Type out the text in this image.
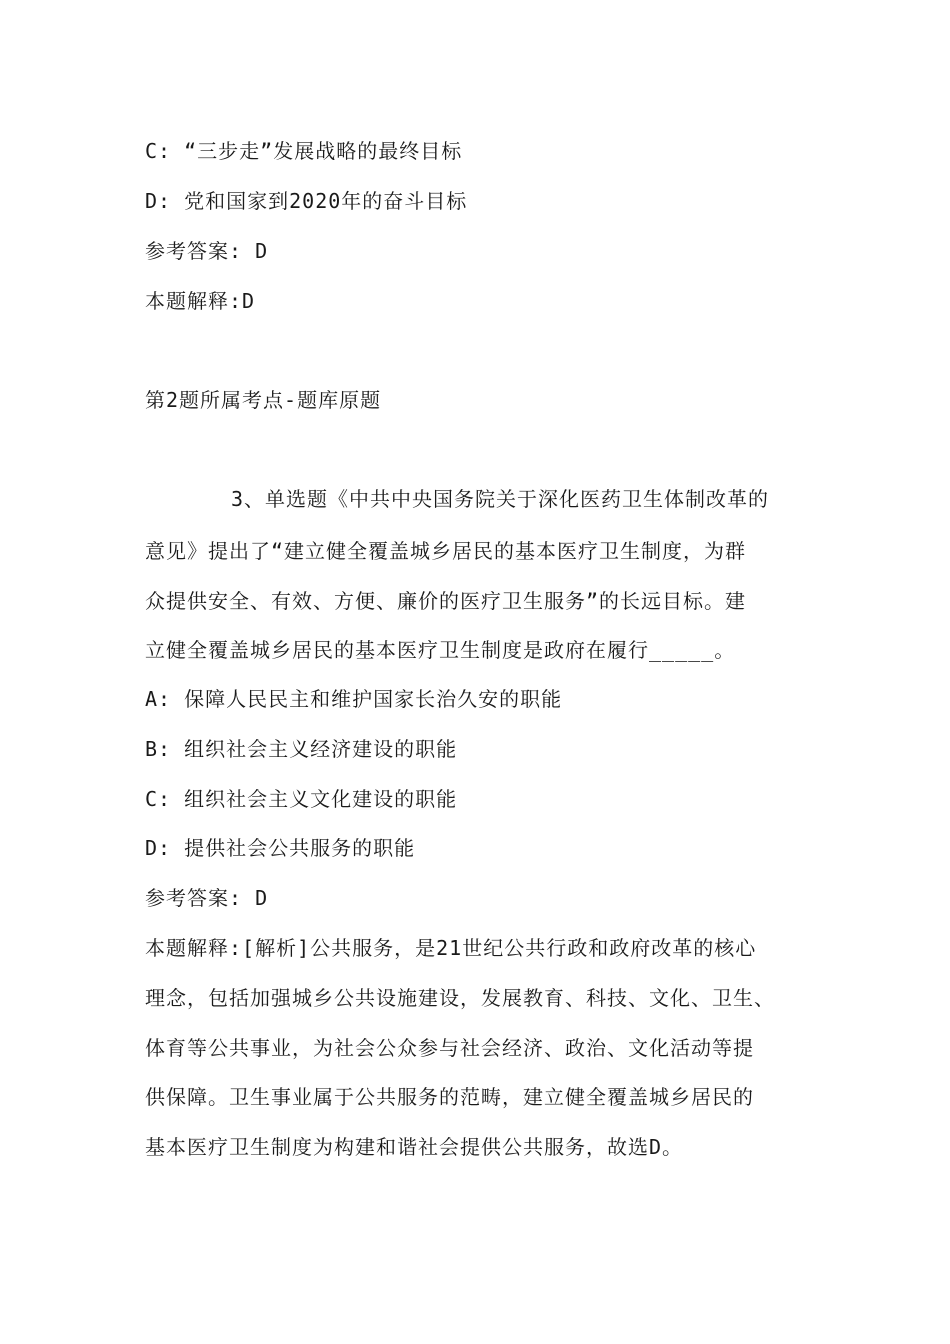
C: “三步走”发展战略的最终目标
D: 党和国家到2020年的奋斗目标
参考答案: D
本题解释:D
第2题所属考点-题库原题
3、单选题《中共中央国务院关于深化医药卫生体制改革的
意见》提出了“建立健全覆盖城乡居民的基本医疗卫生制度，为群
众提供安全、有效、方便、廉价的医疗卫生服务”的长远目标。建
立健全覆盖城乡居民的基本医疗卫生制度是政府在履行_____。
A: 保障人民民主和维护国家长治久安的职能
B: 组织社会主义经济建设的职能
C: 组织社会主义文化建设的职能
D: 提供社会公共服务的职能
参考答案: D
本题解释:[解析]公共服务，是21世纪公共行政和政府改革的核心
理念，包括加强城乡公共设施建设，发展教育、科技、文化、卫生、
体育等公共事业，为社会公众参与社会经济、政治、文化活动等提
供保障。卫生事业属于公共服务的范畴，建立健全覆盖城乡居民的
基本医疗卫生制度为构建和谐社会提供公共服务，故选D。
